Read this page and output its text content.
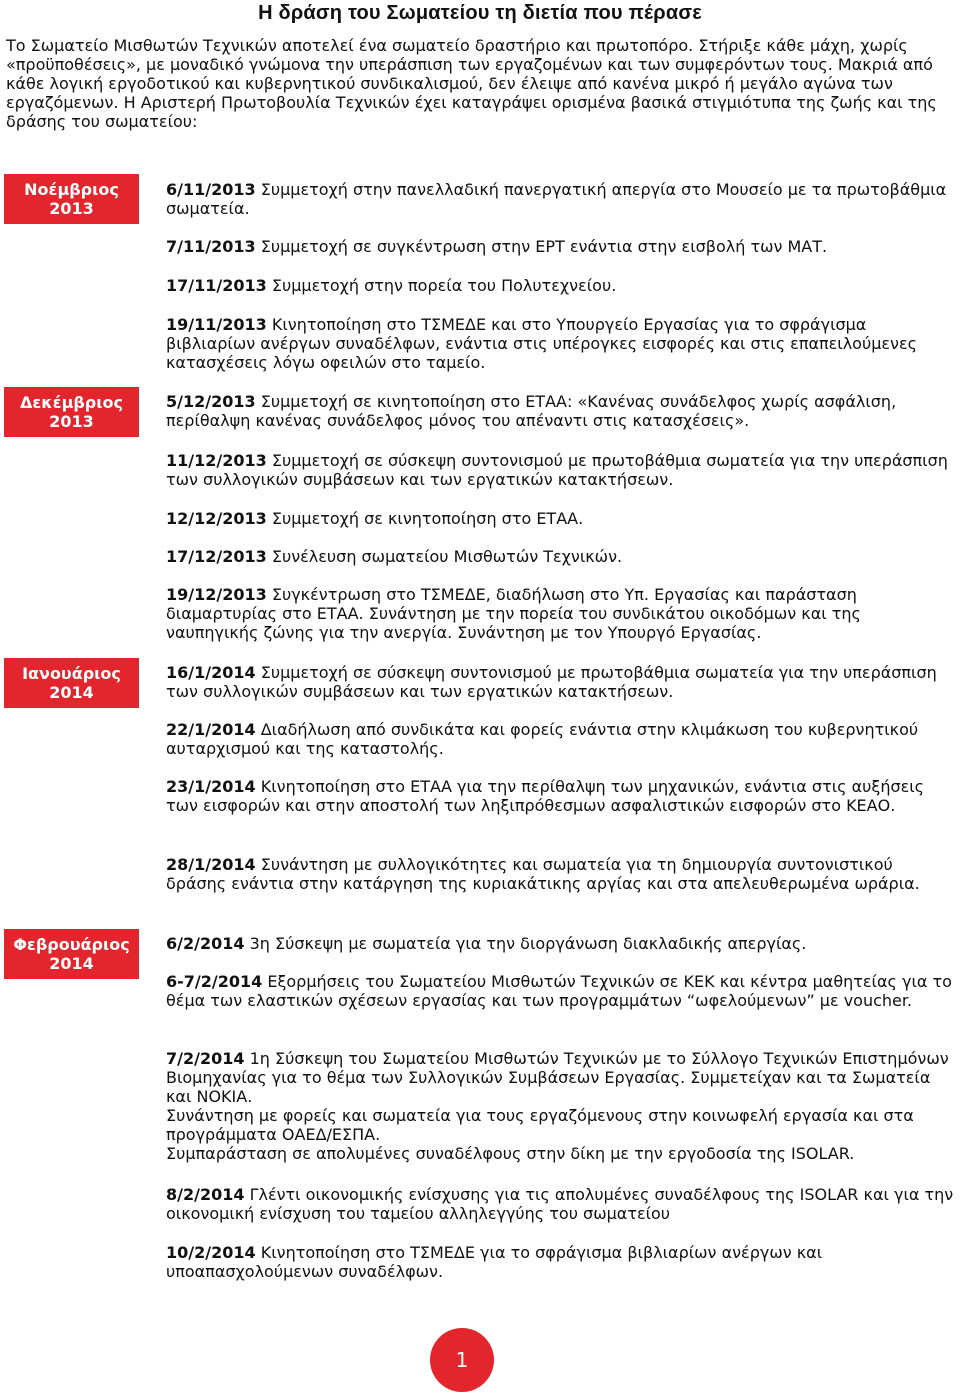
Η δράση του Σωματείου τη διετία που πέρασε

Το Σωματείο Μισθωτών Τεχνικών αποτελεί ένα σωματείο δραστήριο και πρωτοπόρο. Στήριξε κάθε μάχη, χωρίς «προϋποθέσεις», με μοναδικό γνώμονα την υπεράσπιση των εργαζομένων και των συμφερόντων τους. Μακριά από κάθε λογική εργοδοτικού και κυβερνητικού συνδικαλισμού, δεν έλειψε από κανένα μικρό ή μεγάλο αγώνα των εργαζόμενων. Η Αριστερή Πρωτοβουλία Τεχνικών έχει καταγράψει ορισμένα βασικά στιγμιότυπα της ζωής και της δράσης του σωματείου:

Νοέμβριος
2013
Δεκέμβριος
2013
Ιανουάριος
2014
Φεβρουάριος
2014

6/11/2013 Συμμετοχή στην πανελλαδική πανεργατική απεργία στο Μουσείο με τα πρωτοβάθμια σωματεία.

7/11/2013 Συμμετοχή σε συγκέντρωση στην ΕΡΤ ενάντια στην εισβολή των ΜΑΤ.

17/11/2013 Συμμετοχή στην πορεία του Πολυτεχνείου.

19/11/2013 Κινητοποίηση στο ΤΣΜΕΔΕ και στο Υπουργείο Εργασίας για το σφράγισμα βιβλιαρίων ανέργων συναδέλφων, ενάντια στις υπέρογκες εισφορές και στις επαπειλούμενες κατασχέσεις λόγω οφειλών στο ταμείο.

5/12/2013 Συμμετοχή σε κινητοποίηση στο ΕΤΑΑ: «Κανένας συνάδελφος χωρίς ασφάλιση, περίθαλψη κανένας συνάδελφος μόνος του απέναντι στις κατασχέσεις».

11/12/2013 Συμμετοχή σε σύσκεψη συντονισμού με πρωτοβάθμια σωματεία για την υπεράσπιση των συλλογικών συμβάσεων και των εργατικών κατακτήσεων.

12/12/2013 Συμμετοχή σε κινητοποίηση στο ΕΤΑΑ.

17/12/2013 Συνέλευση σωματείου Μισθωτών Τεχνικών.

19/12/2013 Συγκέντρωση στο ΤΣΜΕΔΕ, διαδήλωση στο Υπ. Εργασίας και παράσταση διαμαρτυρίας στο ΕΤΑΑ. Συνάντηση με την πορεία του συνδικάτου οικοδόμων και της ναυπηγικής ζώνης για την ανεργία. Συνάντηση με τον Υπουργό Εργασίας.

16/1/2014 Συμμετοχή σε σύσκεψη συντονισμού με πρωτοβάθμια σωματεία για την υπεράσπιση των συλλογικών συμβάσεων και των εργατικών κατακτήσεων.

22/1/2014 Διαδήλωση από συνδικάτα και φορείς ενάντια στην κλιμάκωση του κυβερνητικού αυταρχισμού και της καταστολής.

23/1/2014 Κινητοποίηση στο ΕΤΑΑ για την περίθαλψη των μηχανικών, ενάντια στις αυξήσεις των εισφορών και στην αποστολή των ληξιπρόθεσμων ασφαλιστικών εισφορών στο ΚΕΑΟ.

28/1/2014 Συνάντηση με συλλογικότητες και σωματεία για τη δημιουργία συντονιστικού δράσης ενάντια στην κατάργηση της κυριακάτικης αργίας και στα απελευθερωμένα ωράρια.

6/2/2014 3η Σύσκεψη με σωματεία για την διοργάνωση διακλαδικής απεργίας.

6-7/2/2014 Εξορμήσεις του Σωματείου Μισθωτών Τεχνικών σε ΚΕΚ και κέντρα μαθητείας για το θέμα των ελαστικών σχέσεων εργασίας και των προγραμμάτων “ωφελούμενων” με voucher.

7/2/2014 1η Σύσκεψη του Σωματείου Μισθωτών Τεχνικών με το Σύλλογο Τεχνικών Επιστημόνων Βιομηχανίας για το θέμα των Συλλογικών Συμβάσεων Εργασίας. Συμμετείχαν και τα Σωματεία και ΝΟΚΙΑ.
Συνάντηση με φορείς και σωματεία για τους εργαζόμενους στην κοινωφελή εργασία και στα προγράμματα ΟΑΕΔ/ΕΣΠΑ.
Συμπαράσταση σε απολυμένες συναδέλφους στην δίκη με την εργοδοσία της ISOLAR.

8/2/2014 Γλέντι οικονομικής ενίσχυσης για τις απολυμένες συναδέλφους της ISOLAR και για την οικονομική ενίσχυση του ταμείου αλληλεγγύης του σωματείου

10/2/2014 Κινητοποίηση στο ΤΣΜΕΔΕ για το σφράγισμα βιβλιαρίων ανέργων και υποαπασχολούμενων συναδέλφων.

1
